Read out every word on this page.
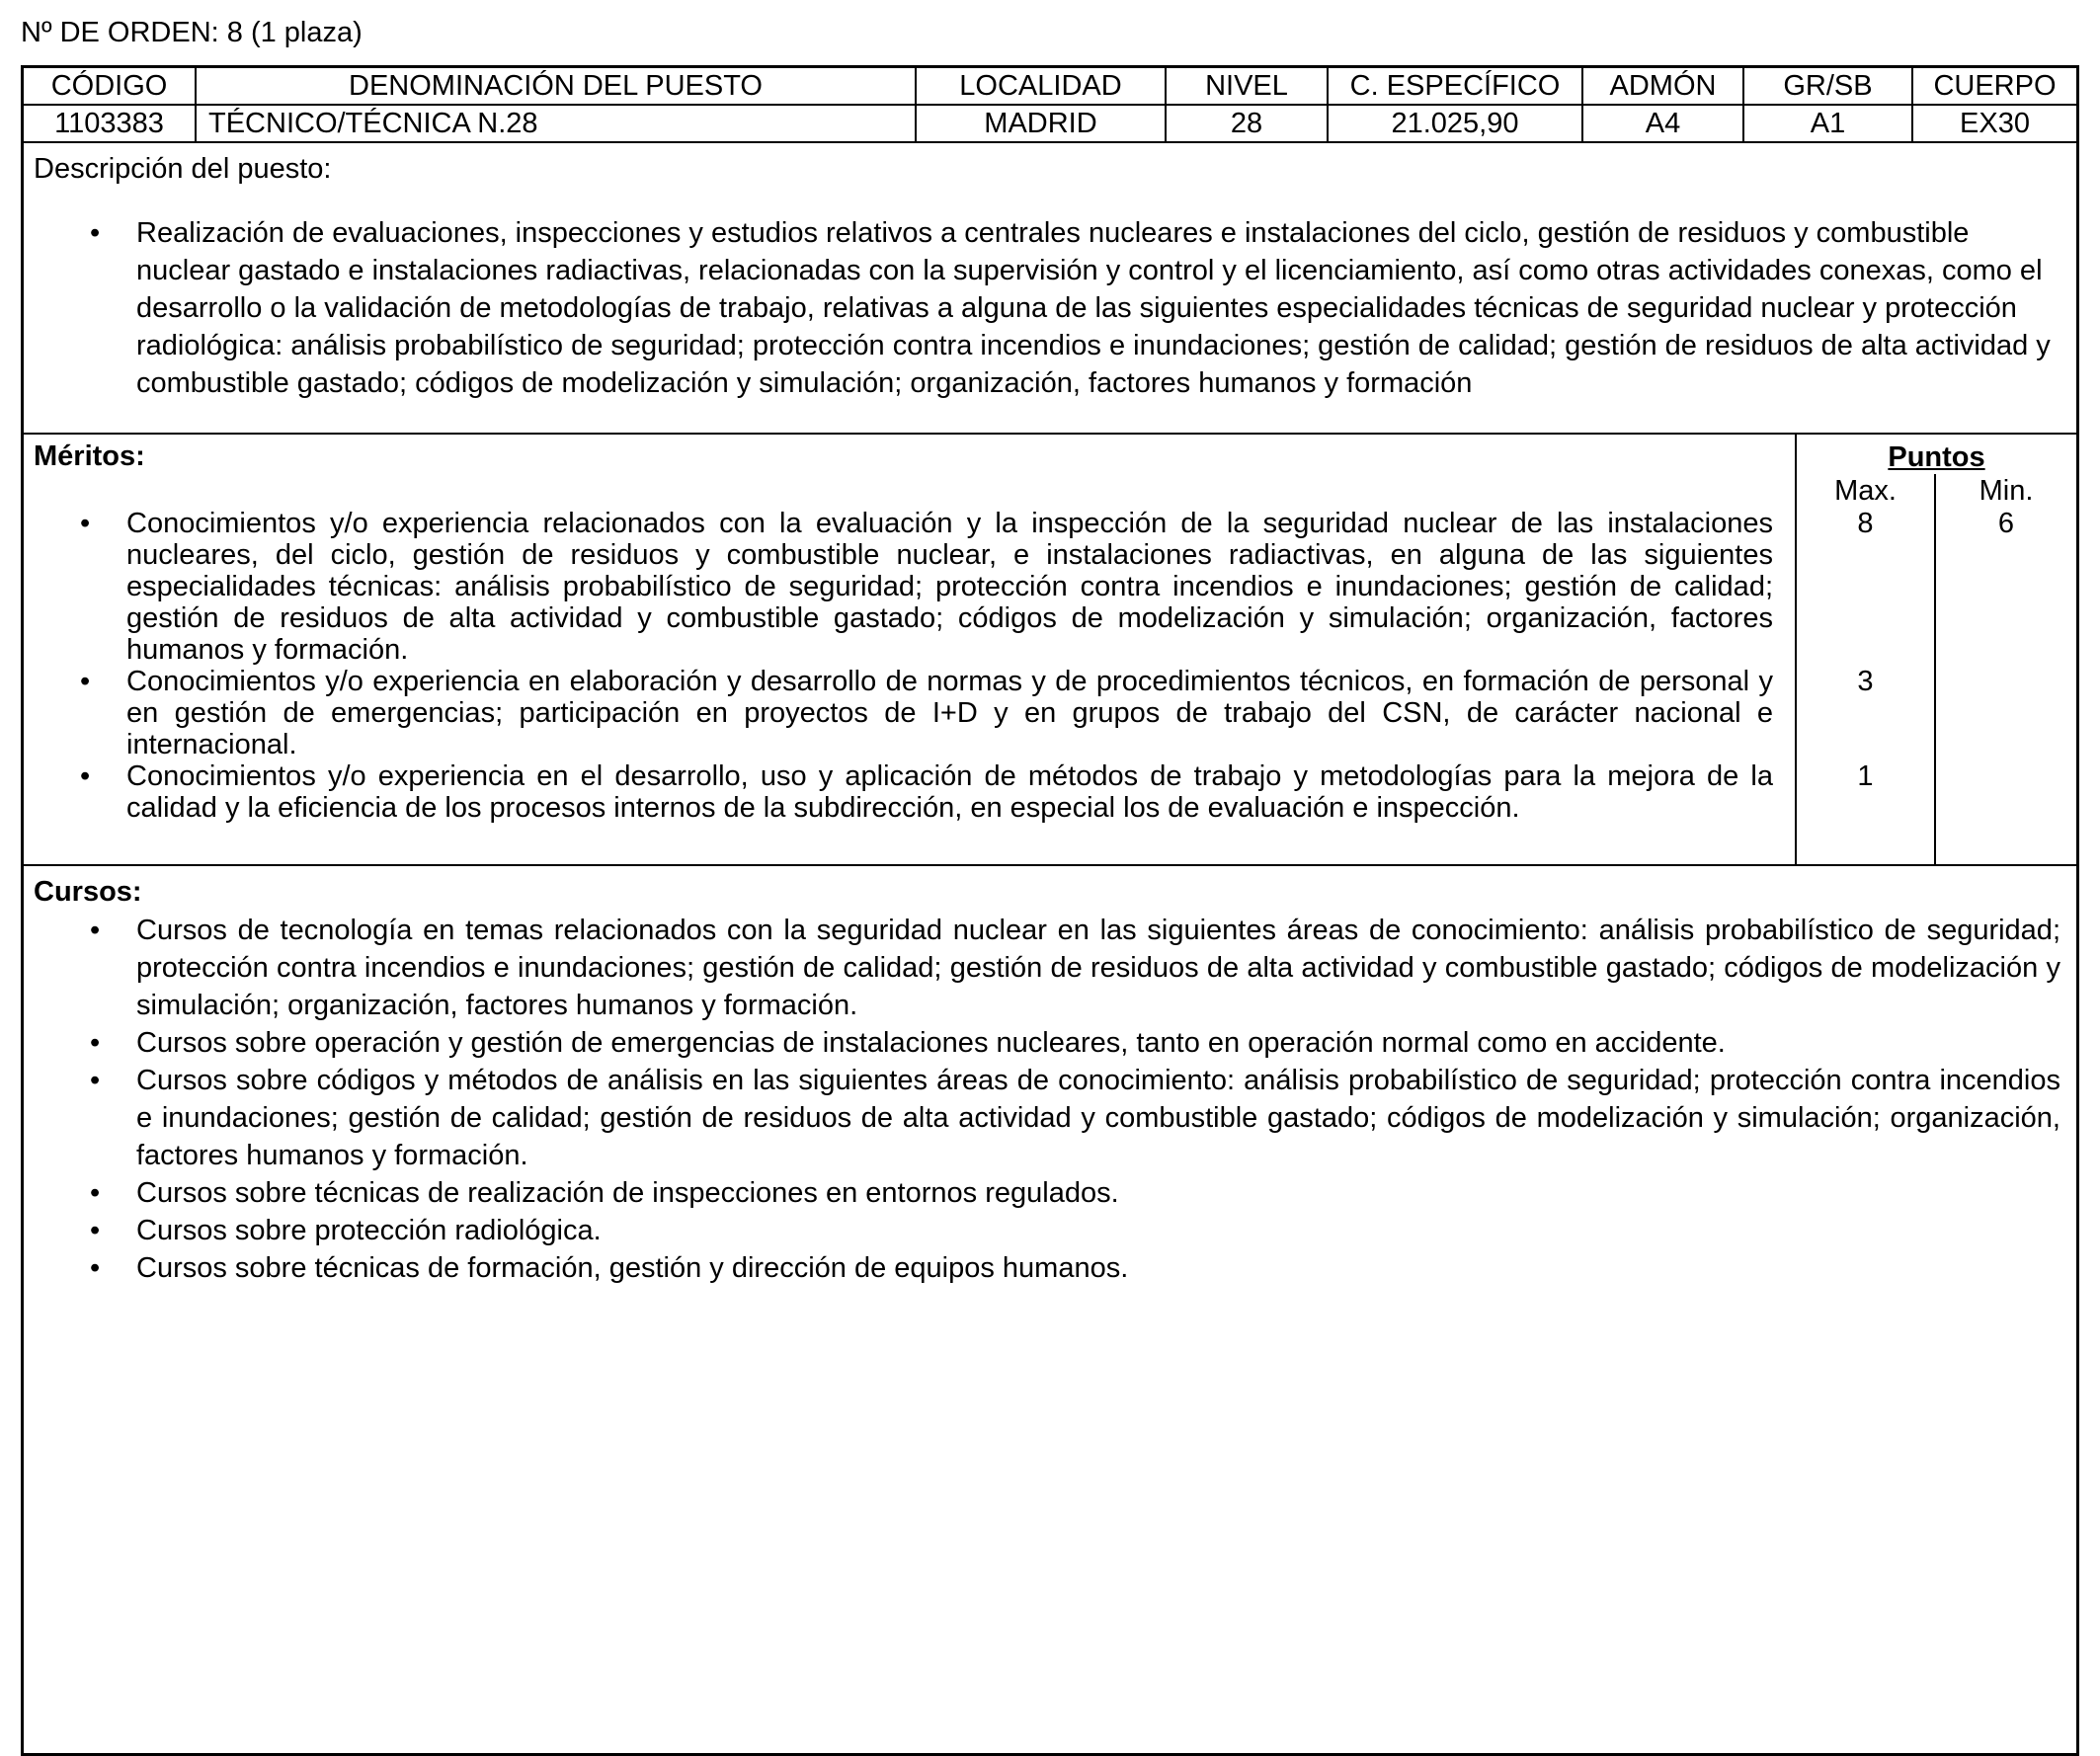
Nº DE ORDEN: 8 (1 plaza)
CÓDIGO	DENOMINACIÓN DEL PUESTO	LOCALIDAD	NIVEL	C. ESPECÍFICO	ADMÓN	GR/SB	CUERPO
1103383	TÉCNICO/TÉCNICA N.28	MADRID	28	21.025,90	A4	A1	EX30
Descripción del puesto:
•	Realización de evaluaciones, inspecciones y estudios relativos a centrales nucleares e instalaciones del ciclo, gestión de residuos y combustible nuclear gastado e instalaciones radiactivas, relacionadas con la supervisión y control y el licenciamiento, así como otras actividades conexas, como el desarrollo o la validación de metodologías de trabajo, relativas a alguna de las siguientes especialidades técnicas de seguridad nuclear y protección radiológica: análisis probabilístico de seguridad; protección contra incendios e inundaciones; gestión de calidad; gestión de residuos de alta actividad y combustible gastado; códigos de modelización y simulación; organización, factores humanos y formación
Méritos:	Puntos
Max.	Min.
•	Conocimientos y/o experiencia relacionados con la evaluación y la inspección de la seguridad nuclear de las instalaciones nucleares, del ciclo, gestión de residuos y combustible nuclear, e instalaciones radiactivas, en alguna de las siguientes especialidades técnicas: análisis probabilístico de seguridad; protección contra incendios e inundaciones; gestión de calidad; gestión de residuos de alta actividad y combustible gastado; códigos de modelización y simulación; organización, factores humanos y formación.
8	6
•	Conocimientos y/o experiencia en elaboración y desarrollo de normas y de procedimientos técnicos, en formación de personal y en gestión de emergencias; participación en proyectos de I+D y en grupos de trabajo del CSN, de carácter nacional e internacional.
3
•	Conocimientos y/o experiencia en el desarrollo, uso y aplicación de métodos de trabajo y metodologías para la mejora de la calidad y la eficiencia de los procesos internos de la subdirección, en especial los de evaluación e inspección.
1
Cursos:
•	Cursos de tecnología en temas relacionados con la seguridad nuclear en las siguientes áreas de conocimiento: análisis probabilístico de seguridad; protección contra incendios e inundaciones; gestión de calidad; gestión de residuos de alta actividad y combustible gastado; códigos de modelización y simulación; organización, factores humanos y formación.
•	Cursos sobre operación y gestión de emergencias de instalaciones nucleares, tanto en operación normal como en accidente.
•	Cursos sobre códigos y métodos de análisis en las siguientes áreas de conocimiento: análisis probabilístico de seguridad; protección contra incendios e inundaciones; gestión de calidad; gestión de residuos de alta actividad y combustible gastado; códigos de modelización y simulación; organización, factores humanos y formación.
•	Cursos sobre técnicas de realización de inspecciones en entornos regulados.
•	Cursos sobre protección radiológica.
•	Cursos sobre técnicas de formación, gestión y dirección de equipos humanos.
